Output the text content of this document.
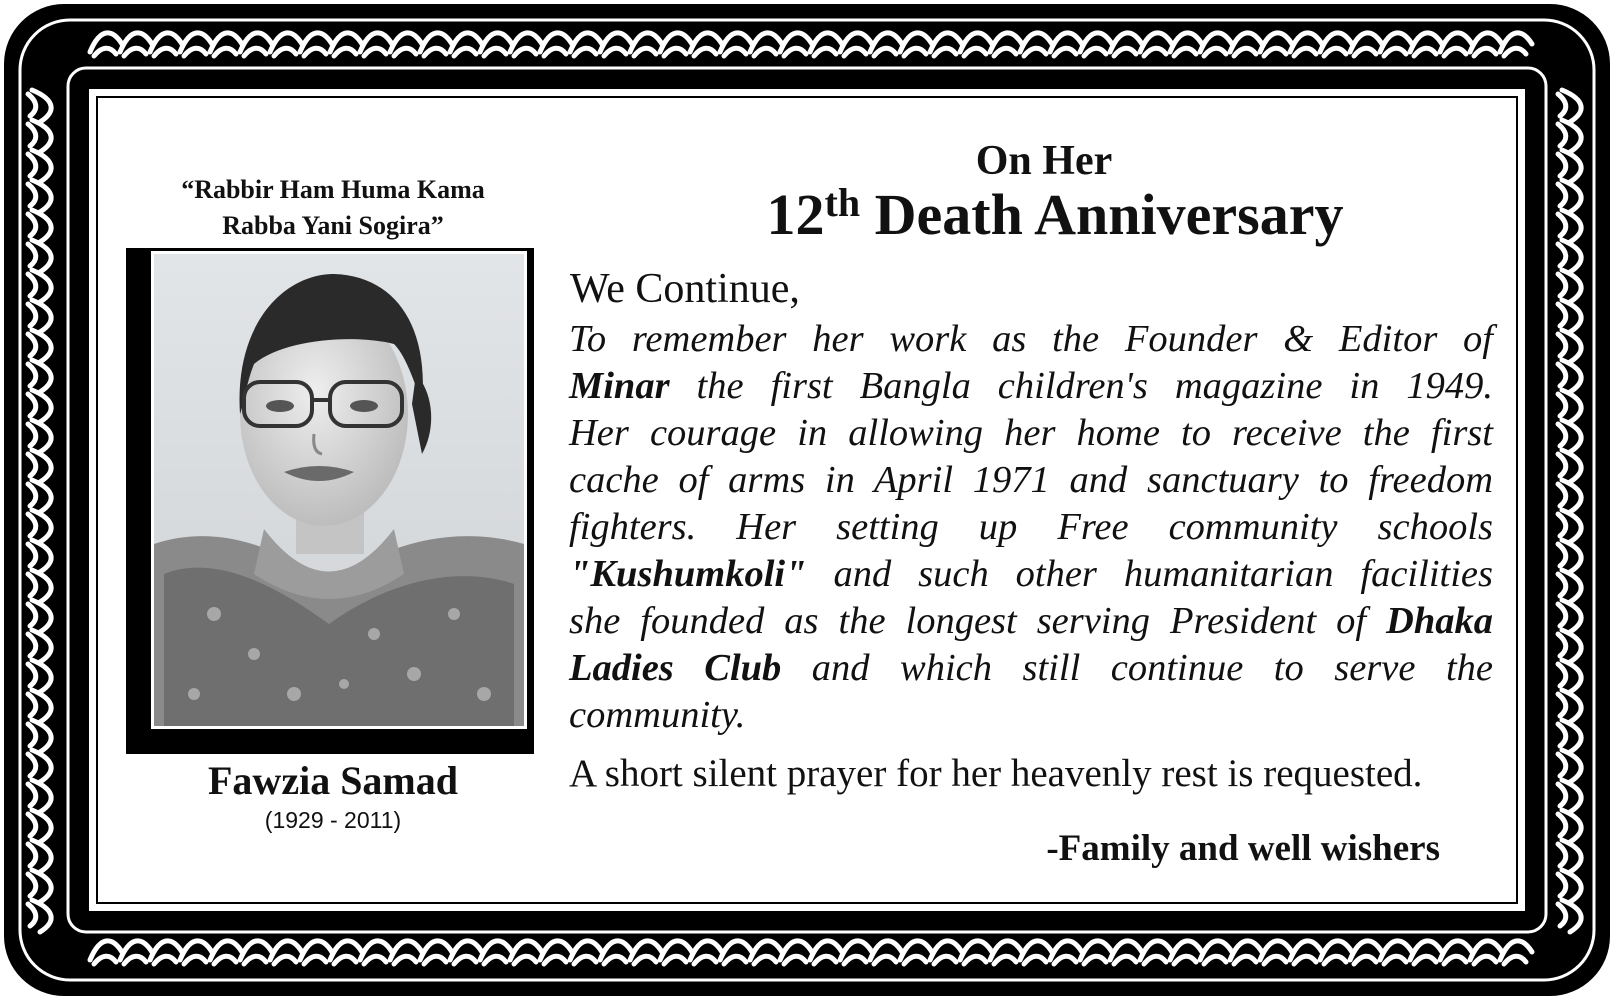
“Rabbir Ham Huma Kama
Rabba Yani Sogira”
Fawzia Samad
(1929 - 2011)
On Her
12th Death Anniversary
We Continue,
To remember her work as the Founder & Editor of
Minar the first Bangla children's magazine in 1949.
Her courage in allowing her home to receive the first
cache of arms in April 1971 and sanctuary to freedom
fighters. Her setting up Free community schools
"Kushumkoli" and such other humanitarian facilities
she founded as the longest serving President of Dhaka
Ladies Club and which still continue to serve the
community.
A short silent prayer for her heavenly rest is requested.
-Family and well wishers
